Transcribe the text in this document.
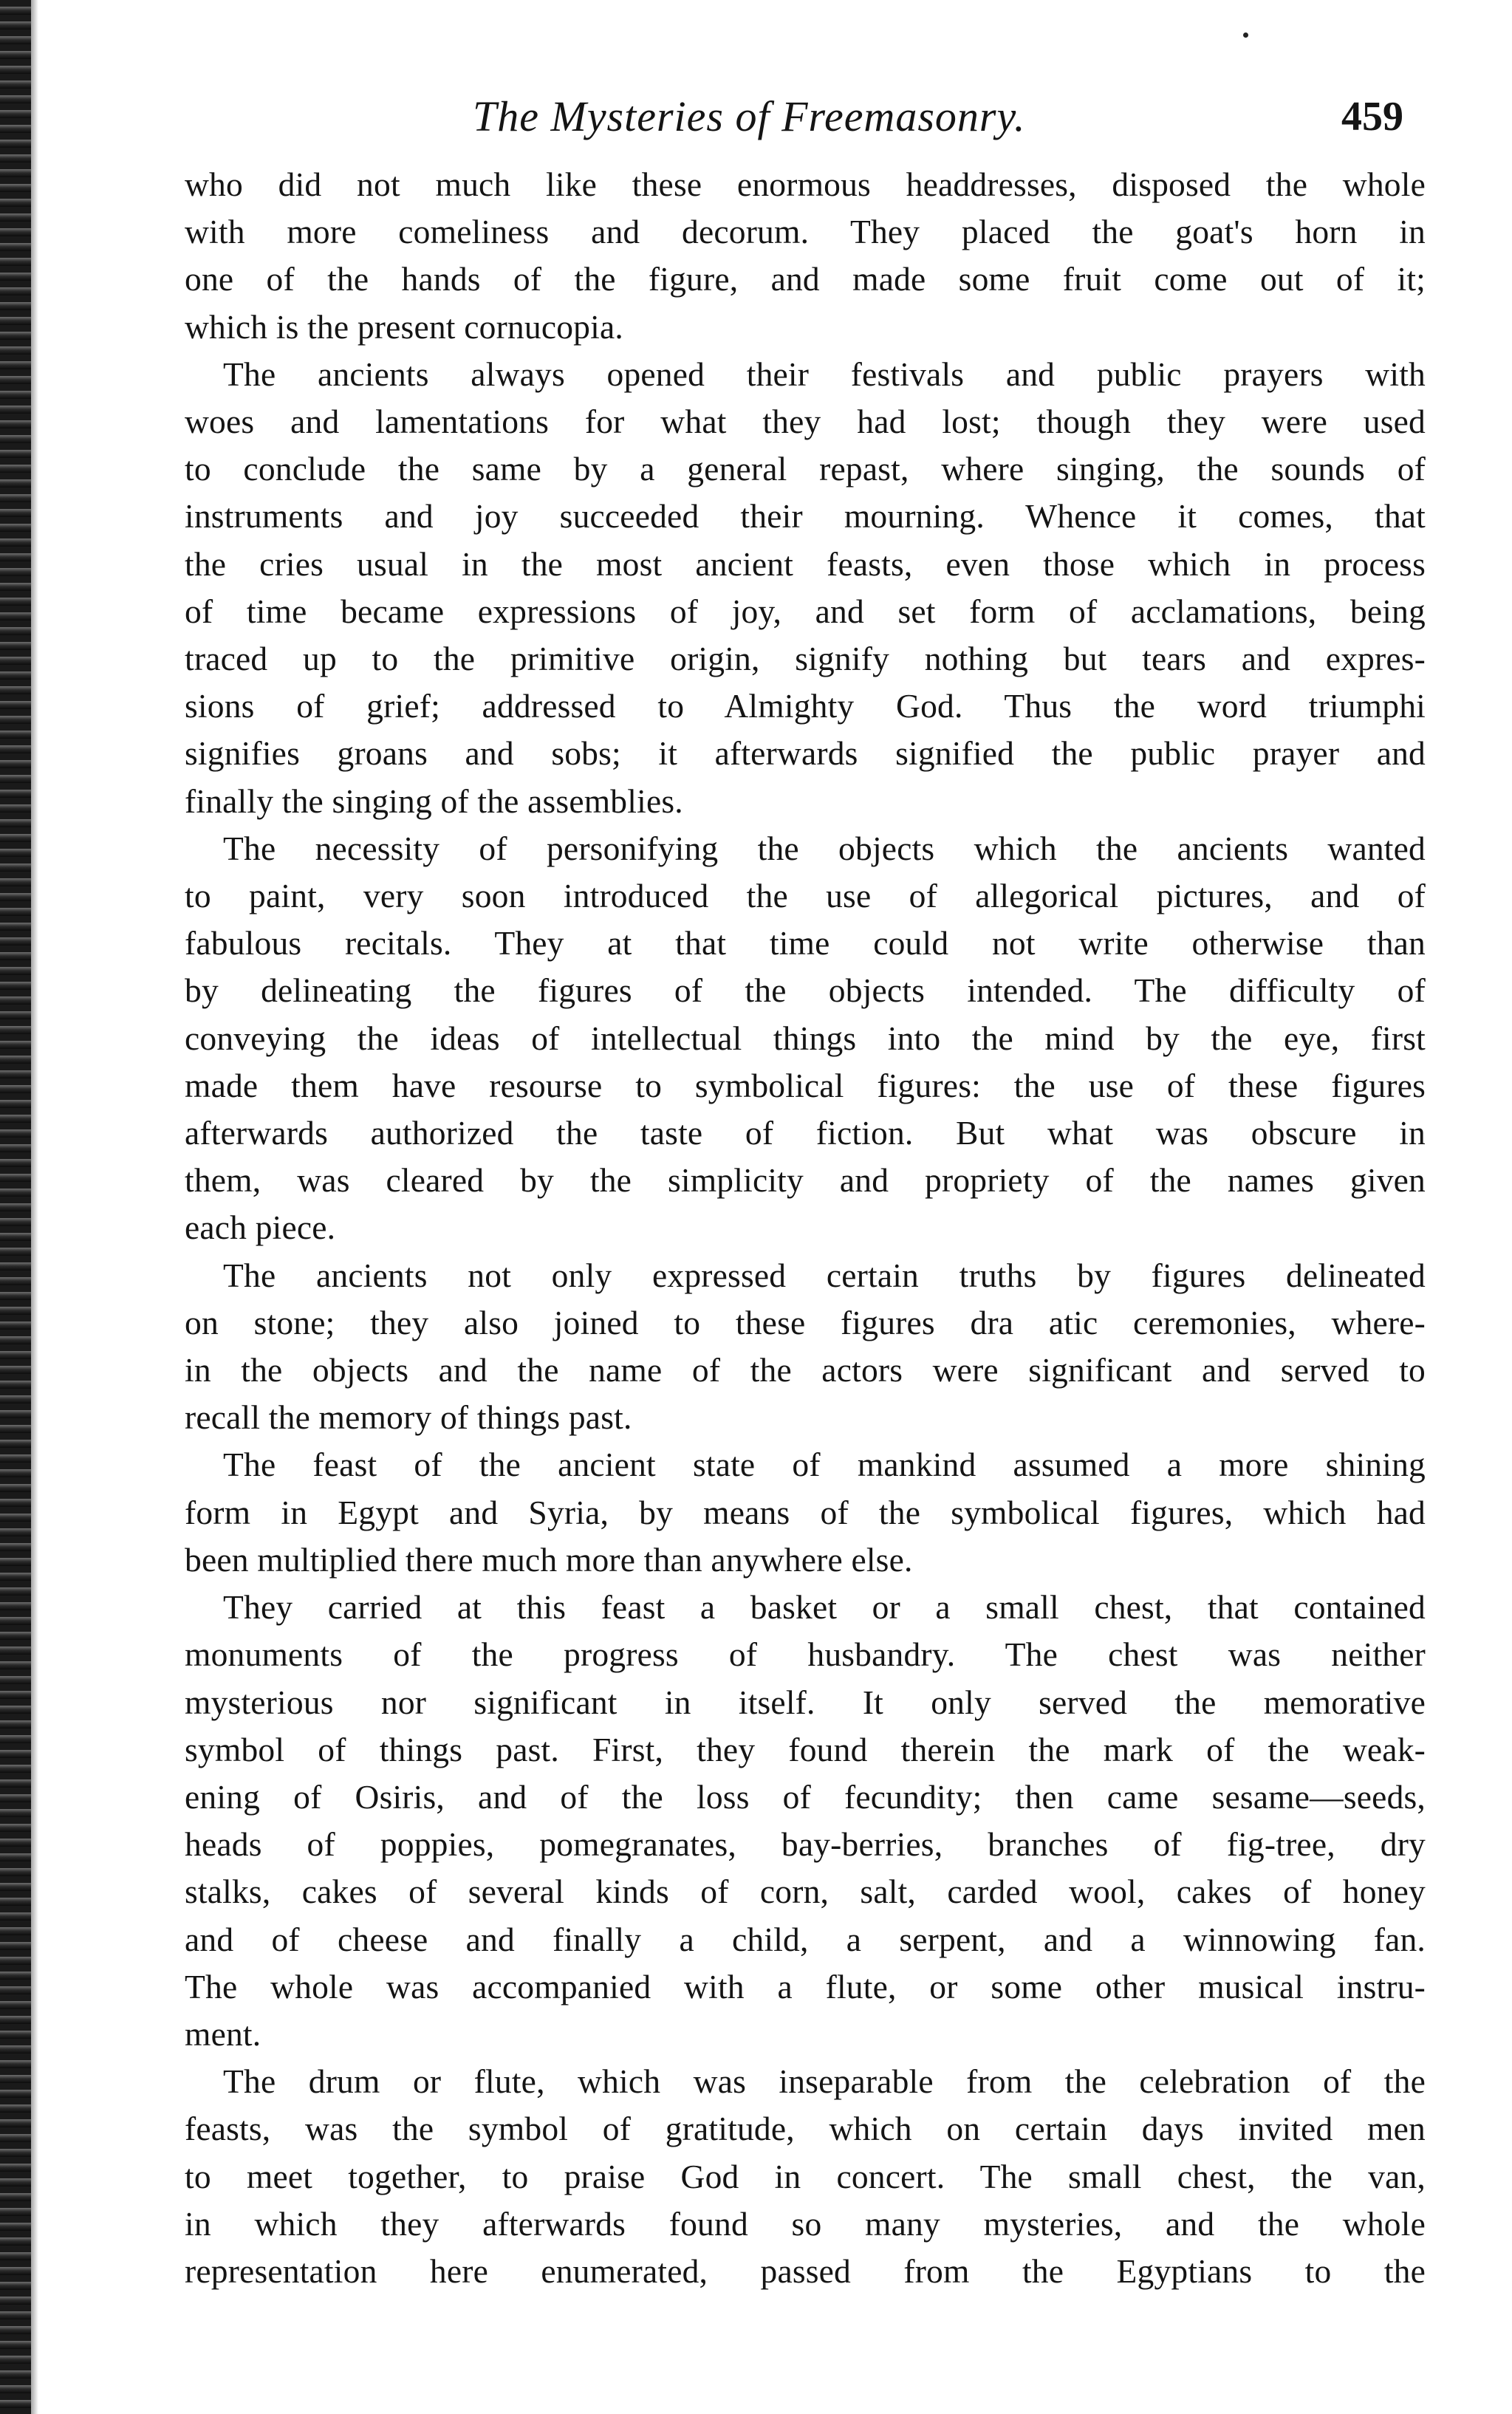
The Mysteries of Freemasonry.	459

who did not much like these enormous headdresses, disposed the whole
with more comeliness and decorum. They placed the goat's horn in
one of the hands of the figure, and made some fruit come out of it;
which is the present cornucopia.

The ancients always opened their festivals and public prayers with
woes and lamentations for what they had lost; though they were used
to conclude the same by a general repast, where singing, the sounds of
instruments and joy succeeded their mourning. Whence it comes, that
the cries usual in the most ancient feasts, even those which in process
of time became expressions of joy, and set form of acclamations, being
traced up to the primitive origin, signify nothing but tears and expres-
sions of grief; addressed to Almighty God. Thus the word triumphi
signifies groans and sobs; it afterwards signified the public prayer and
finally the singing of the assemblies.

The necessity of personifying the objects which the ancients wanted
to paint, very soon introduced the use of allegorical pictures, and of
fabulous recitals. They at that time could not write otherwise than
by delineating the figures of the objects intended. The difficulty of
conveying the ideas of intellectual things into the mind by the eye, first
made them have resourse to symbolical figures: the use of these figures
afterwards authorized the taste of fiction. But what was obscure in
them, was cleared by the simplicity and propriety of the names given
each piece.

The ancients not only expressed certain truths by figures delineated
on stone; they also joined to these figures dra atic ceremonies, where-
in the objects and the name of the actors were significant and served to
recall the memory of things past.

The feast of the ancient state of mankind assumed a more shining
form in Egypt and Syria, by means of the symbolical figures, which had
been multiplied there much more than anywhere else.

They carried at this feast a basket or a small chest, that contained
monuments of the progress of husbandry. The chest was neither
mysterious nor significant in itself. It only served the memorative
symbol of things past. First, they found therein the mark of the weak-
ening of Osiris, and of the loss of fecundity; then came sesame—seeds,
heads of poppies, pomegranates, bay-berries, branches of fig-tree, dry
stalks, cakes of several kinds of corn, salt, carded wool, cakes of honey
and of cheese and finally a child, a serpent, and a winnowing fan.
The whole was accompanied with a flute, or some other musical instru-
ment.

The drum or flute, which was inseparable from the celebration of the
feasts, was the symbol of gratitude, which on certain days invited men
to meet together, to praise God in concert. The small chest, the van,
in which they afterwards found so many mysteries, and the whole
representation here enumerated, passed from the Egyptians to the
